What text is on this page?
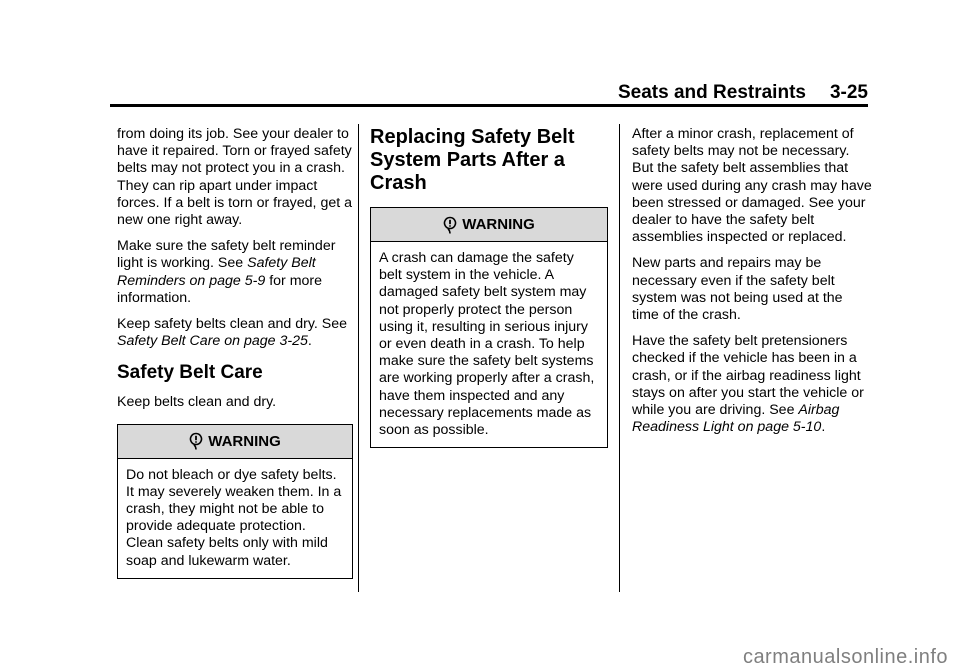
Seats and Restraints 3-25

from doing its job. See your dealer to have it repaired. Torn or frayed safety belts may not protect you in a crash. They can rip apart under impact forces. If a belt is torn or frayed, get a new one right away.

Make sure the safety belt reminder light is working. See Safety Belt Reminders on page 5-9 for more information.

Keep safety belts clean and dry. See Safety Belt Care on page 3-25.

Safety Belt Care

Keep belts clean and dry.

WARNING

Do not bleach or dye safety belts. It may severely weaken them. In a crash, they might not be able to provide adequate protection. Clean safety belts only with mild soap and lukewarm water.

Replacing Safety Belt System Parts After a Crash
WARNING

A crash can damage the safety belt system in the vehicle. A damaged safety belt system may not properly protect the person using it, resulting in serious injury or even death in a crash. To help make sure the safety belt systems are working properly after a crash, have them inspected and any necessary replacements made as soon as possible.

After a minor crash, replacement of safety belts may not be necessary. But the safety belt assemblies that were used during any crash may have been stressed or damaged. See your dealer to have the safety belt assemblies inspected or replaced.

New parts and repairs may be necessary even if the safety belt system was not being used at the time of the crash.

Have the safety belt pretensioners checked if the vehicle has been in a crash, or if the airbag readiness light stays on after you start the vehicle or while you are driving. See Airbag Readiness Light on page 5-10.

carmanualsonline.info
